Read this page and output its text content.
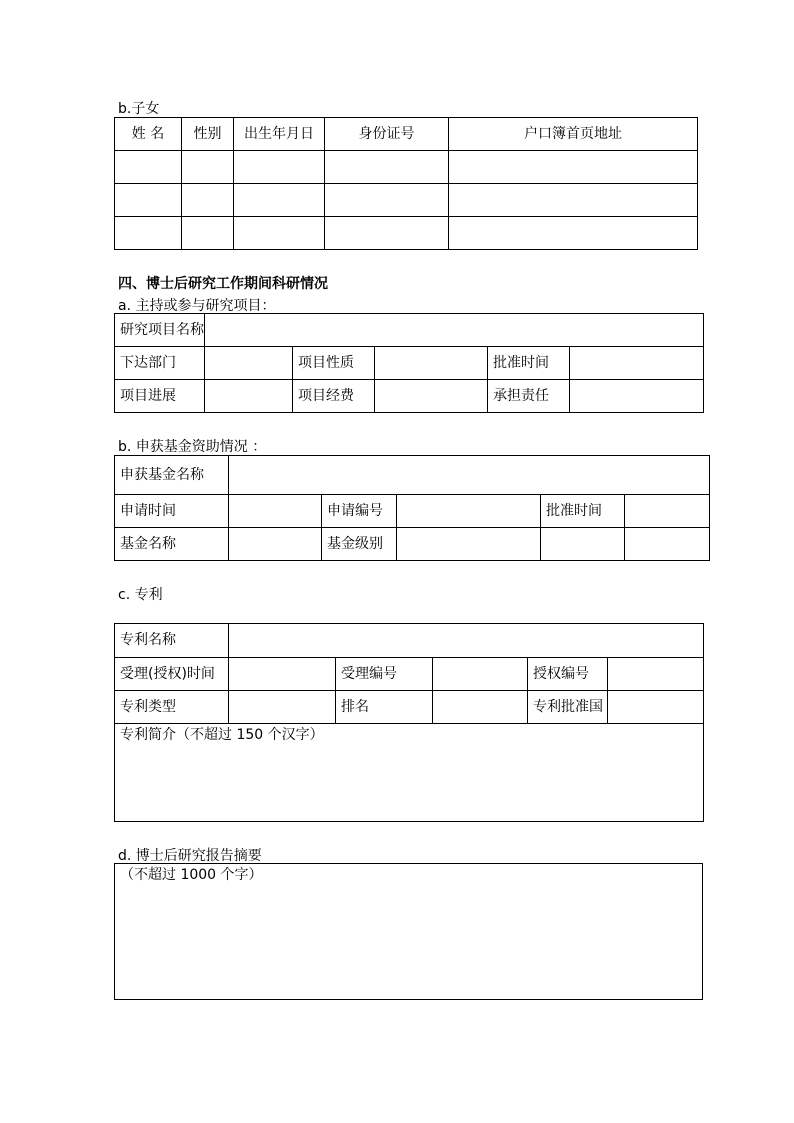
b.子女
姓 名	性别	出生年月日	身份证号	户口簿首页地址

四、博士后研究工作期间科研情况
a. 主持或参与研究项目：
研究项目名称					
下达部门		项目性质		批准时间	
项目进展		项目经费		承担责任	
b. 申获基金资助情况 ：
申获基金名称					
申请时间		申请编号		批准时间	
基金名称		基金级别			
c. 专利
专利名称					
受理(授权)时间		受理编号		授权编号	
专利类型		排名		专利批准国	
专利简介（不超过 150 个汉字）					
d. 博士后研究报告摘要
（不超过 1000 个字）
